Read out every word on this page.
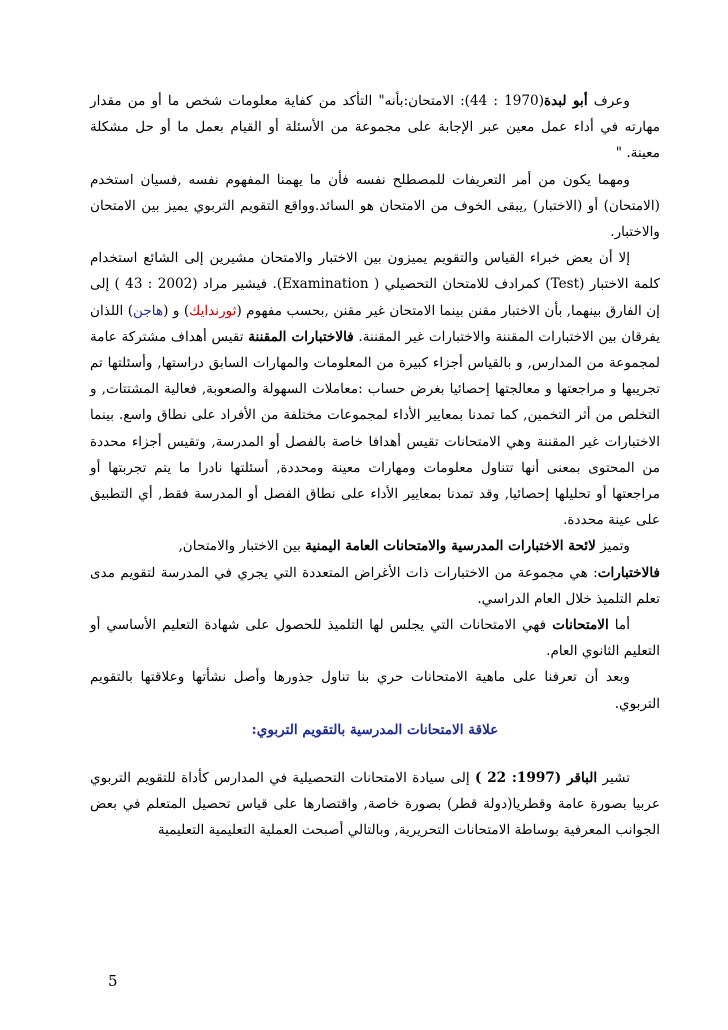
وعرف أبو لبدة(1970 : 44): الامتحان:بأنه" التأكد من كفاية معلومات شخص ما أو من مقدار مهارته في أداء عمل معين عبر الإجابة على مجموعة من الأسئلة أو القيام بعمل ما أو حل مشكلة معينة. "

ومهما يكون من أمر التعريفات للمصطلح نفسه فأن ما يهمنا المفهوم نفسه ,فسيان استخدم (الامتحان) أو (الاختبار) ,يبقى الخوف من الامتحان هو السائد.وواقع التقويم التربوي يميز بين الامتحان والاختبار.

إلا أن بعض خبراء القياس والتقويم يميزون بين الاختبار والامتحان مشيرين إلى الشائع استخدام كلمة الاختبار (Test) كمرادف للامتحان التحصيلي ( Examination). فيشير مراد (2002 : 43 ) إلى إن الفارق بينهما, بأن الاختبار مقنن بينما الامتحان غير مقنن ,بحسب مفهوم (ثورندايك) و (هاجن) اللذان يفرقان بين الاختبارات المقننة والاختبارات غير المقننة. فالاختبارات المقننة تقيس أهداف مشتركة عامة لمجموعة من المدارس, و بالقياس أجزاء كبيرة من المعلومات والمهارات السابق دراستها, وأسئلتها تم تجريبها و مراجعتها و معالجتها إحصائيا بغرض حساب :معاملات السهولة والصعوبة, فعالية المشتتات, و التخلص من أثر التخمين, كما تمدنا بمعايير الأداء لمجموعات مختلفة من الأفراد على نطاق واسع. بينما الاختبارات غير المقننة وهي الامتحانات تقيس أهدافا خاصة بالفصل أو المدرسة, وتقيس أجزاء محددة من المحتوى بمعنى أنها تتناول معلومات ومهارات معينة ومحددة, أسئلتها نادرا ما يتم تجربتها أو مراجعتها أو تحليلها إحصائيا, وقد تمدنا بمعايير الأداء على نطاق الفصل أو المدرسة فقط, أي التطبيق على عينة محددة.

وتميز لائحة الاختبارات المدرسية والامتحانات العامة اليمنية بين الاختبار والامتحان,

فالاختبارات: هي مجموعة من الاختبارات ذات الأغراض المتعددة التي يجري في المدرسة لتقويم مدى تعلم التلميذ خلال العام الدراسي.

أما الامتحانات فهي الامتحانات التي يجلس لها التلميذ للحصول على شهادة التعليم الأساسي أو التعليم الثانوي العام.

وبعد أن تعرفنا على ماهية الامتحانات حري بنا تناول جذورها وأصل نشأتها وعلاقتها بالتقويم التربوي.

علاقة الامتحانات المدرسية بالتقويم التربوي:

تشير الباقر (1997: 22 ) إلى سيادة الامتحانات التحصيلية في المدارس كأداة للتقويم التربوي عربيا بصورة عامة وقطريا(دولة قطر) بصورة خاصة, واقتصارها على قياس تحصيل المتعلم في بعض الجوانب المعرفية بوساطة الامتحانات التحريرية, وبالتالي أصبحت العملية التعليمية التعليمية

5
